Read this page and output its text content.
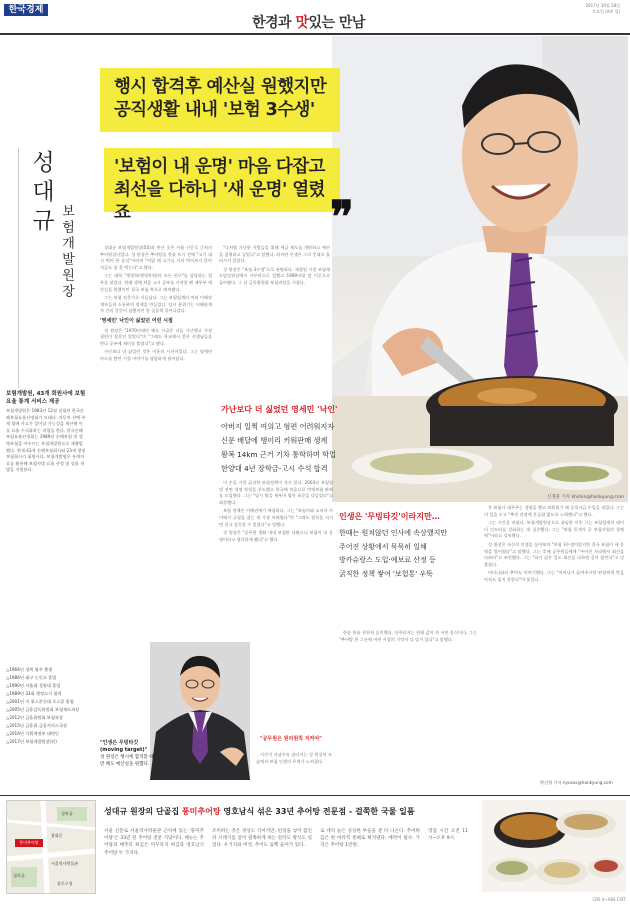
한국경제	2017년 10월 28일
토요일 (A면 입)
한경과 맛있는 만남
신경훈 기자 khshin@hankyung.com
행시 합격후 예산실 원했지만
공직생활 내내 '보험 3수생'
'보험이 내 운명' 마음 다잡고
최선을 다하니 '새 운명' 열렸죠	❞
성대규
보험개발원장
보험개발원, 43개 회원사에 보험요율 통계 서비스 제공
보험개발원은 1983년 12월 설립된 한국손해보험요율산정회가 모태다. 자동차 선택 주제 법에 사고가 일어날 가능성을 계산해 이를 요율 수식화하는 작업을 한다. 한국손해보험요율산정회는 1989년 손해보험 및 생명보험을 아우르는 보험개발원으로 재출범했다. 현재 43개 손해보험회사와 23개 생명보험회사가 회원사다. 보험개발원은 통계자료를 활용해 보험사별 요율 산정 및 상품 개발을 지원한다.
△1966년 경북 영주 출생
△1986년 대구 능인고 졸업
△1990년 서울대 경영대 졸업
△1989년 33회 행정고시 합격
△2001년 미 위스콘신대 로스쿨 졸업
△2005년 금융감독위원회 보험제도과장
△2012년 금융위원회 보험과장
△2015년 금융위 금융서비스국장
△2016년 기획재정부 대변인
△2017년 보험개발원장(현)

성대규 보험개발원장(50)과 만난 곳은 서울 신문로 근처의 추어탕집이었다. 성 원장은 추어탕을 한술 뜨기 전에 "고기 대신 먹어 본 음식"이라며 "어릴 때 고기를 거의 먹어보지 않아 지금도 잘 못 먹는다"고 했다.

그는 대학 "행정학(행정학원)의 모든 연구"를 담당하는 업무를 맡았다. 원래 생애 처음 고시 공부를 시작할 땐 재무부 예산실을 원했지만 결국 보험 쪽으로 배치됐다.

그는 보험 전문가로 거듭났다. 그는 보험업계의 여러 이해관계자들과 소통하며 정책을 만들었다. 당시 분위기는 이해관계자 간의 갈등이 심했지만 한 걸음씩 풀어나갔다.

'영세민' 낙인이 싫었던 어린 시절

성 원장은 "1970년대만 해도 시골은 다들 가난했고 가정 형편이 잘살진 않았다"며 "그래도 학교에서 좋은 선생님들을 만나 공부에 재미를 붙였다"고 했다.

가난보다 더 싫었던 것은 이웃의 시선이었다. 그는 영세민 카드를 받던 시절 이야기를 담담하게 털어놨다.

"나처럼 가난한 사람들을 위해 세금 제도를 개편하고 예산을 집행하고 싶었다"고 말했다. 하지만 인생은 그의 뜻대로 흘러가지 않았다.

성 원장은 "보험 3수생"으로 유명하다. 재경원 시절 보험제도담당관실에서 사무관으로 일했고 1990년대 말 이곳으로 돌아왔다. 그 뒤 금융위원회 보험과장을 거쳤다.

가난보다 더 싫었던 영세민 '낙인'
아버지 일찍 여의고 형편 어려워지자
신문 배달에 땡이리 키워판매 생계
왕복 14km 근거 기차 통학하며 학업
한양대 4년 장학금-고시 수석 합격

이 손을 거친 굵직한 보험정책이 적지 않다. 2003년 보험업법 전면 개정 작업을 주도했고 한국에 처음으로 변액보험 판매를 도입했다. 그는 "당시 밤을 새우며 법안 조문을 다듬었다"고 회상했다.

보험 정책은 이해관계가 복잡하다. 그는 "보험사와 소비자 사이에서 균형을 잡는 게 가장 어려웠다"며 "그래도 원칙을 지키면 결국 설득할 수 있었다"고 말했다.

성 원장은 "공무원 생활 내내 보험만 다뤘으니 보험이 내 운명이라고 생각하게 됐다"고 했다.

인생은 '무빙타깃'이라지만…
한때는 원치않던 인사에 속상했지만
주어진 상황에서 묵묵히 일해
방카슈랑스 도입·예보료 산정 등
굵직한 정책 쌓여 '보험통' 우뚝

한솥 한술 천천히 음미했다. 미꾸라지는 원래 값이 싼 서민 음식이다. 그는 "추어탕 한 그릇에 어린 시절의 기억이 다 담겨 있다"고 말했다.

후 보험사 대주주는 경영을 했고 외환위기 때 공적자금 투입을 겪었다. 그는 이 일을 두고 "추진 과정에 흔들림 없도록 노력했다"고 했다.

그는 시간을 바꿨다. 보험개발원장으로 취임한 이후 그는 보험업계의 데이터 인프라를 강화하는 데 집중했다. 그는 "보험 통계가 곧 보험산업의 경쟁력"이라고 강조했다.

성 원장은 자신의 인생을 돌아보며 "보험 3수생이었지만 결국 보험이 새 운명을 열어줬다"고 말했다. 그는 후배 공무원들에게 "주어진 자리에서 최선을 다하라"고 조언했다. 그는 "하기 싫은 일도 최선을 다하면 길이 열린다"고 덧붙였다.

어머니와의 추억도 이야기했다. 그는 "어머니가 끓여주시던 된장찌개 맛을 아직도 잊지 못한다"며 웃었다.

"인생은 무빙타깃(moving target)"
성 원장은 행시에 합격할 때만 해도 예산실을 원했다.
"공무원은 원리원칙 지켜야"

시간이 지남수록 달라지는 성 원장의 모습에서 보험 인생의 무게가 느껴졌다.

박신영 기자 nyusos@hankyung.com
경복궁
광화문
풍미추어탕
서울역사박물관
경희궁
종로구청
성대규 원장의 단골집 풍미추어탕 영호남식 섞은 33년 추어탕 전문점 - 걸쭉한 국물 일품
서울 신문로 서울역사박물관 근처에 있는 '풍미추어탕'은 33년 된 추어탕 전문 식당이다. 메뉴는 추어탕과 메추리 튀김은 미꾸라지 튀김과 영호남식 추어탕 두 가지다.
조미하는 것은 경상도 식이지만, 된장을 넣어 끓인 뒤 시래기를 넣어 걸쭉하게 하는 전라도 방식도 섞었다. 우거지와 버섯, 추어도 듬뿍 들어가 있다.
로 데치 늘은 싱싱한 부들을 곁 다 나온다. 추어튀김은 한 마리씩 통째로 튀겨낸다. 예약이 필수. 가격은 추어탕 1만원.
영업 시간 오전 11시~오후 9시.
CBS 4~AB4.CIXT
